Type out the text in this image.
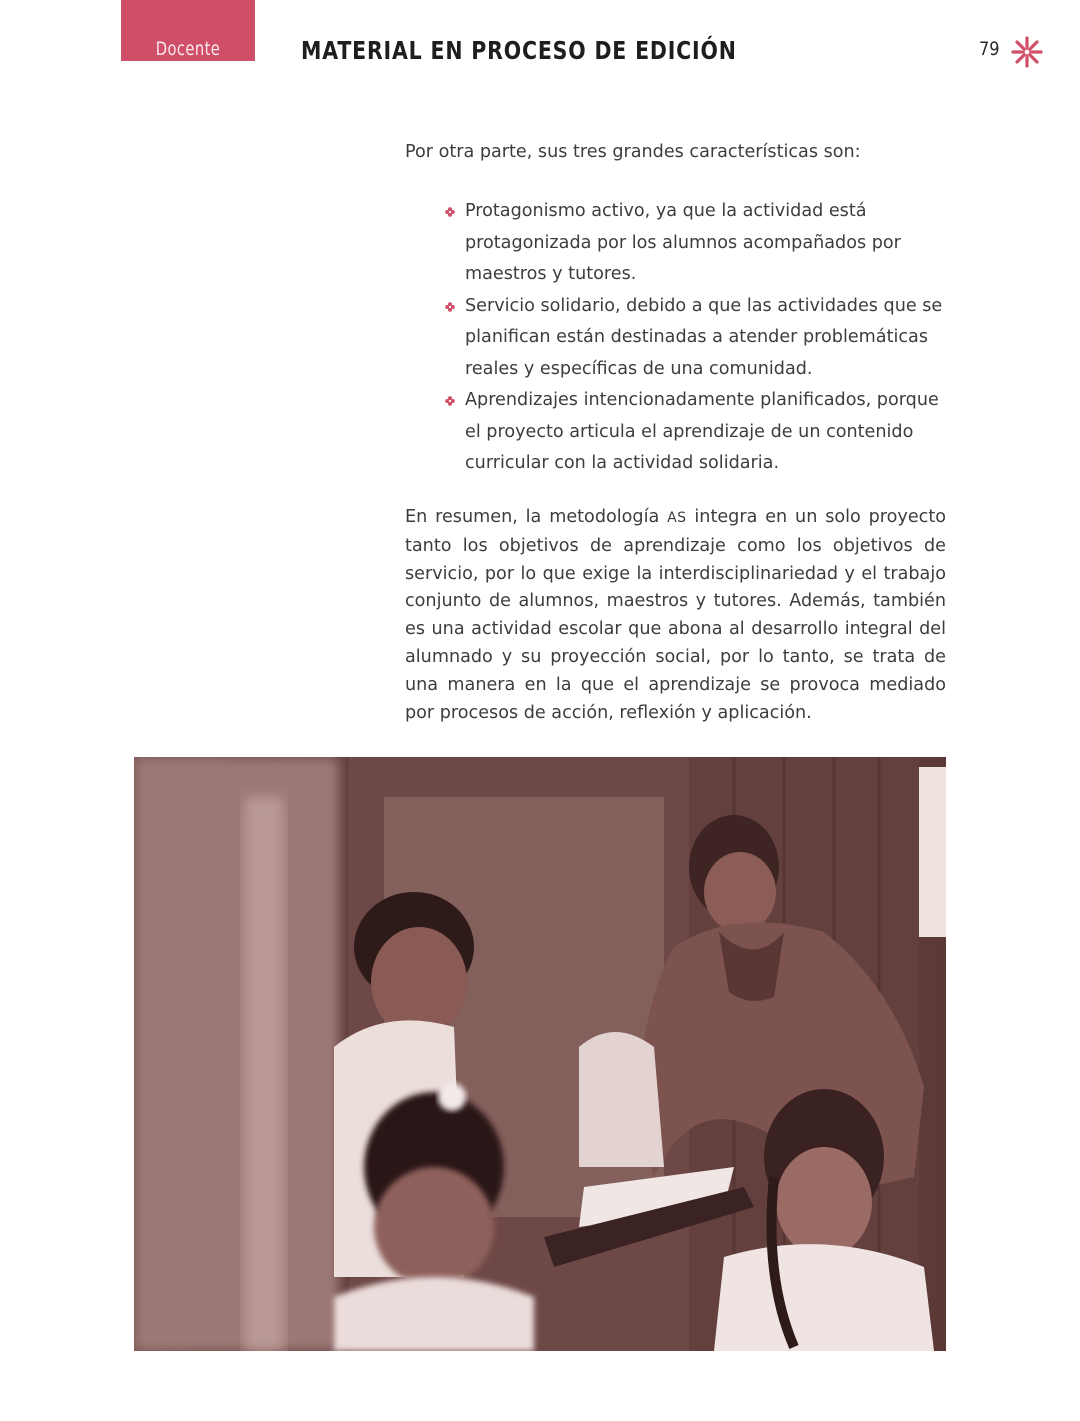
Docente	MATERIAL EN PROCESO DE EDICIÓN	79

Por otra parte, sus tres grandes características son:

Protagonismo activo, ya que la actividad está protagonizada por los alumnos acompañados por maestros y tutores.
Servicio solidario, debido a que las actividades que se planifican están destinadas a atender problemáticas reales y específicas de una comunidad.
Aprendizajes intencionadamente planificados, porque el proyecto articula el aprendizaje de un contenido curricular con la actividad solidaria.

En resumen, la metodología AS integra en un solo proyecto tanto los objetivos de aprendizaje como los objetivos de servicio, por lo que exige la interdisciplinariedad y el trabajo conjunto de alumnos, maestros y tutores. Además, también es una actividad escolar que abona al desarrollo integral del alumnado y su proyección social, por lo tanto, se trata de una manera en la que el aprendizaje se provoca mediado por procesos de acción, reflexión y aplicación.
